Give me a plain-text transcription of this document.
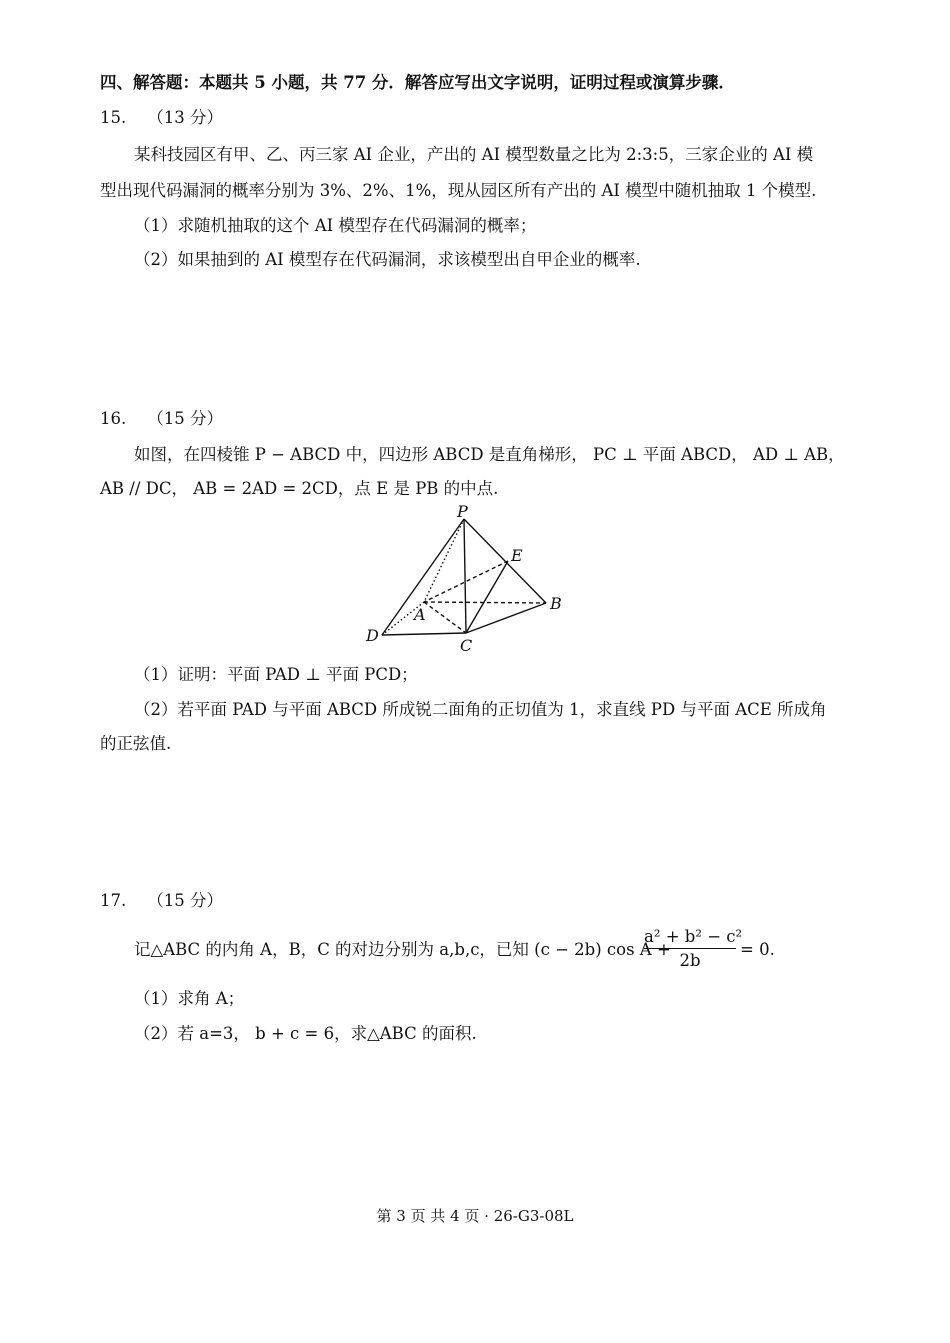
四、解答题：本题共 5 小题，共 77 分．解答应写出文字说明，证明过程或演算步骤．
15. （13 分）
某科技园区有甲、乙、丙三家 AI 企业，产出的 AI 模型数量之比为 2:3:5，三家企业的 AI 模
型出现代码漏洞的概率分别为 3%、2%、1%，现从园区所有产出的 AI 模型中随机抽取 1 个模型.
（1）求随机抽取的这个 AI 模型存在代码漏洞的概率；
（2）如果抽到的 AI 模型存在代码漏洞，求该模型出自甲企业的概率.
16. （15 分）
如图，在四棱锥 P − ABCD 中，四边形 ABCD 是直角梯形， PC ⊥ 平面 ABCD， AD ⊥ AB，
AB // DC， AB = 2AD = 2CD，点 E 是 PB 的中点.
P
E
A
B
D
C
（1）证明：平面 PAD ⊥ 平面 PCD；
（2）若平面 PAD 与平面 ABCD 所成锐二面角的正切值为 1，求直线 PD 与平面 ACE 所成角
的正弦值.
17. （15 分）
记△ABC 的内角 A，B，C 的对边分别为 a,b,c，已知 (c − 2b) cos A +
a² + b² − c²
2b
= 0.
（1）求角 A；
（2）若 a=3， b + c = 6，求△ABC 的面积.
第 3 页 共 4 页 · 26-G3-08L
